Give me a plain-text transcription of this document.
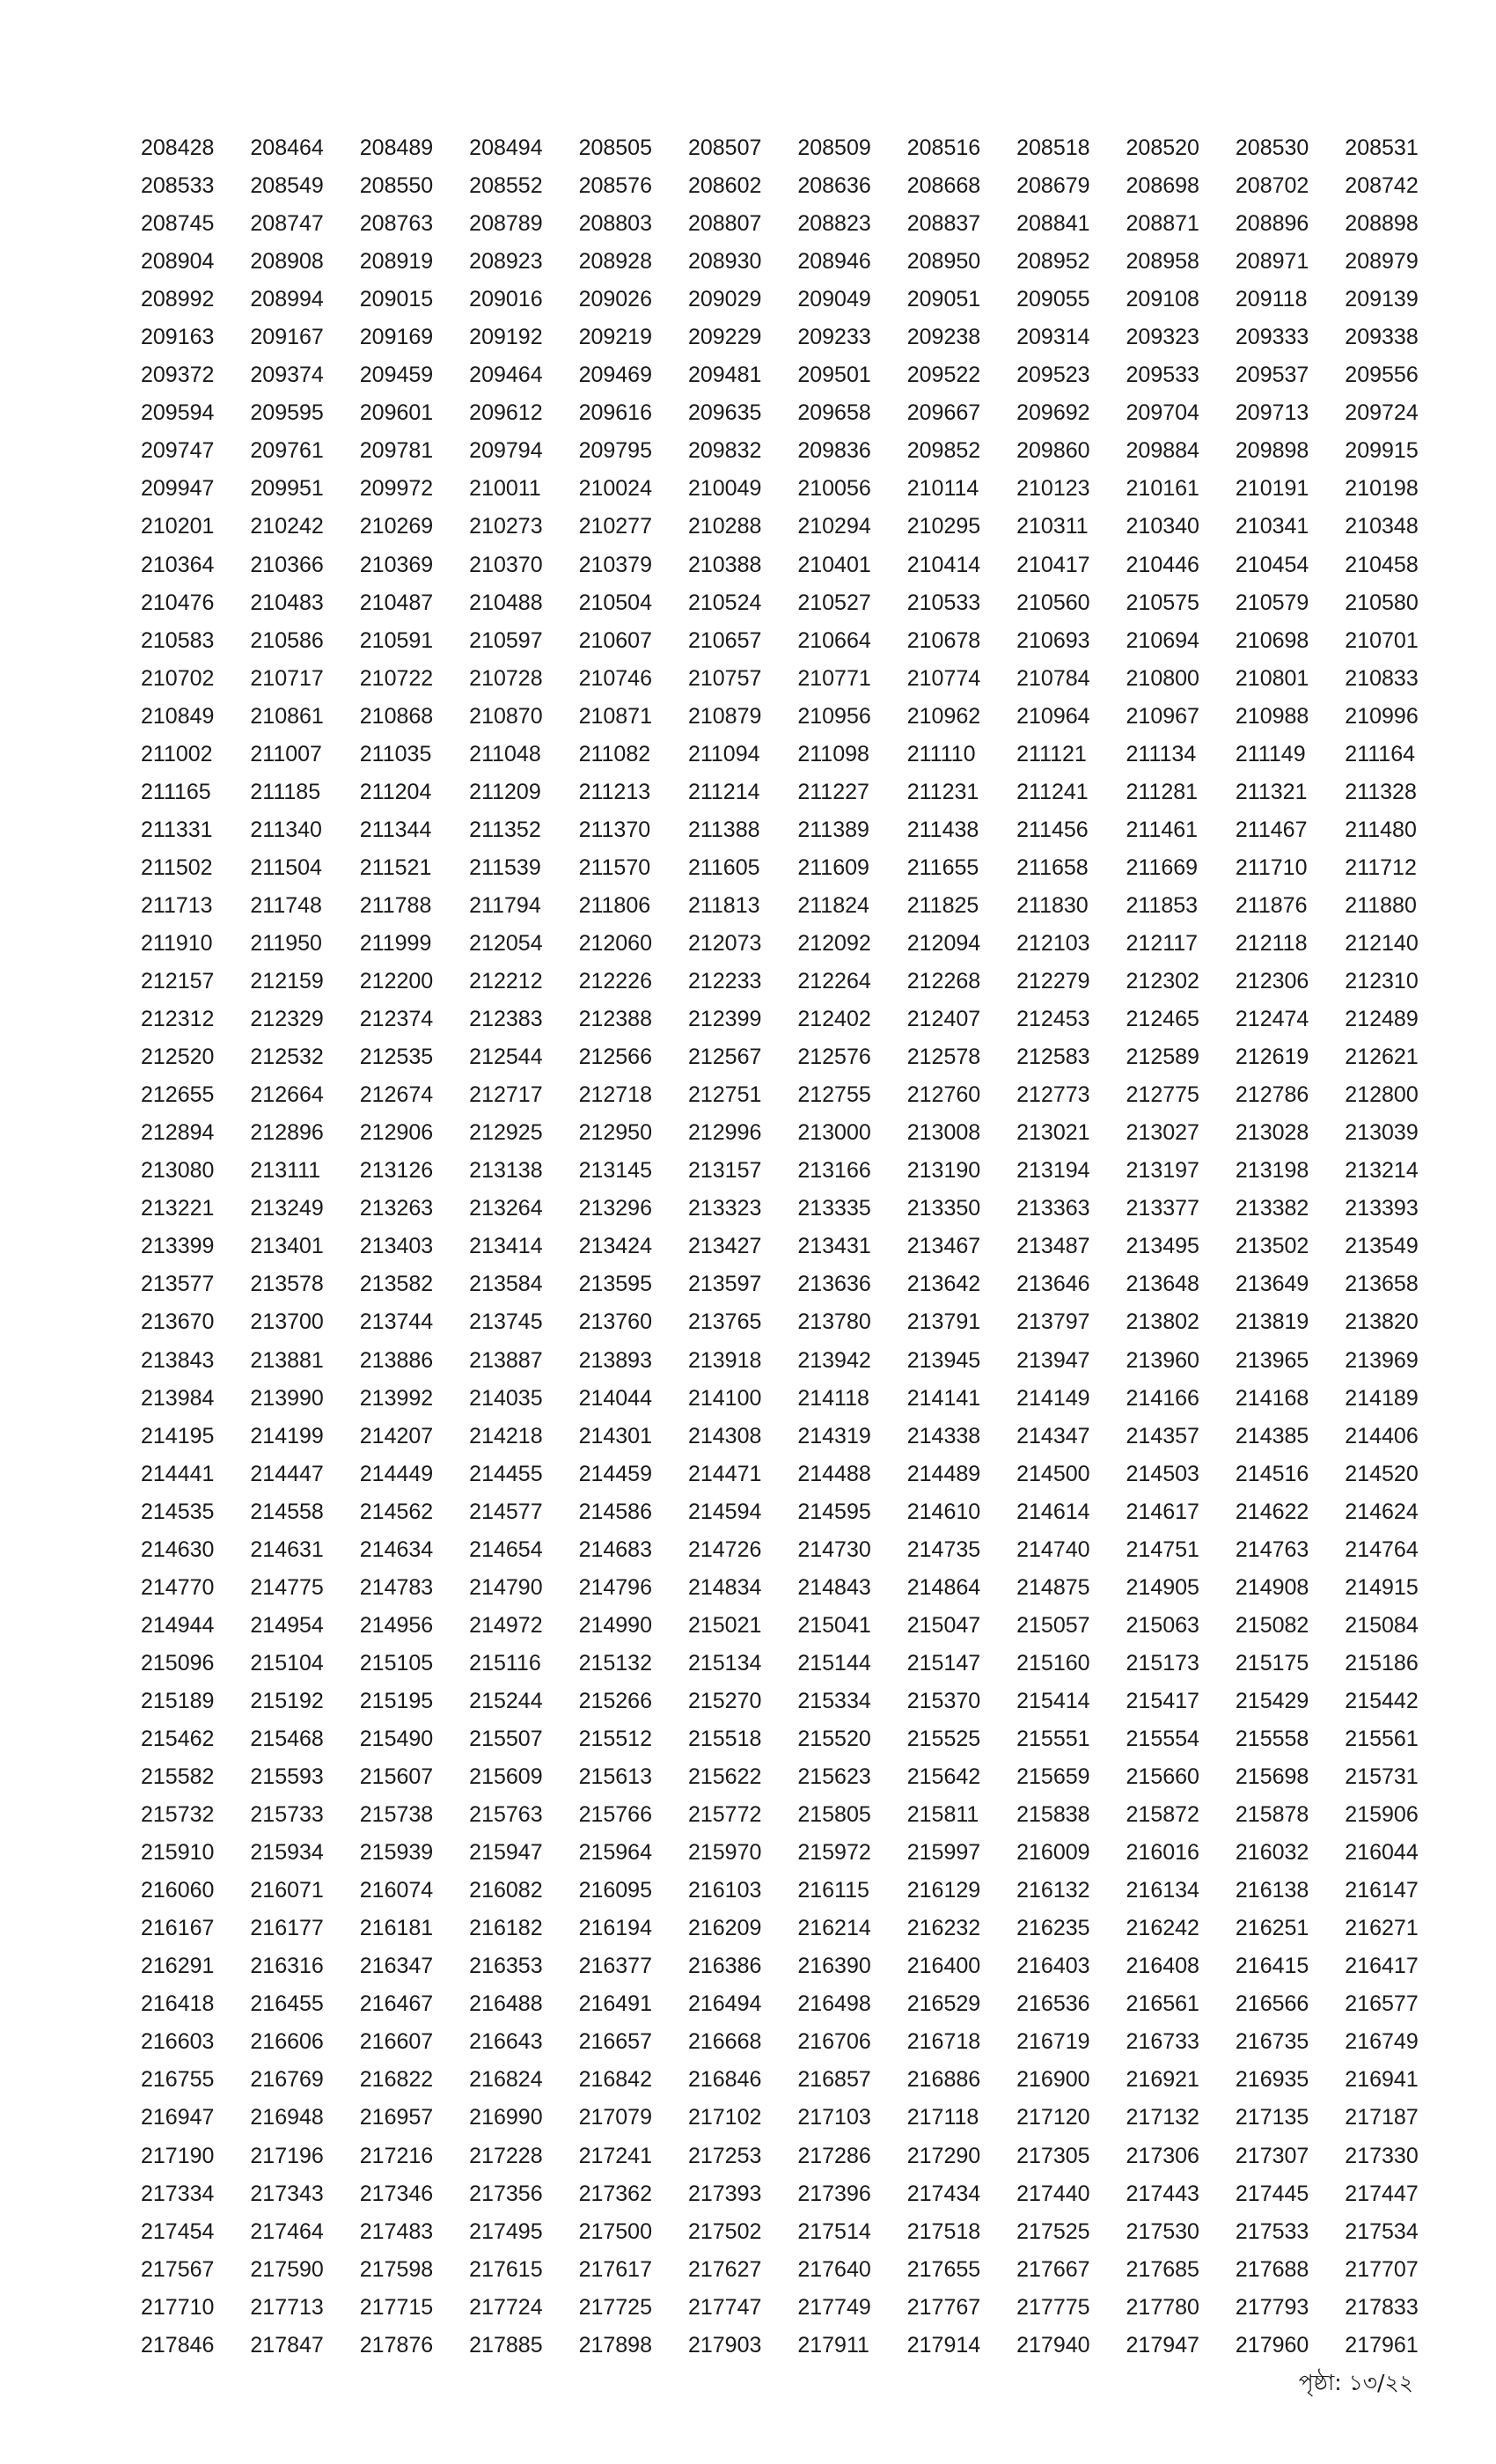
208428	208464	208489	208494	208505	208507	208509	208516	208518	208520	208530	208531
208533	208549	208550	208552	208576	208602	208636	208668	208679	208698	208702	208742
208745	208747	208763	208789	208803	208807	208823	208837	208841	208871	208896	208898
208904	208908	208919	208923	208928	208930	208946	208950	208952	208958	208971	208979
208992	208994	209015	209016	209026	209029	209049	209051	209055	209108	209118	209139
209163	209167	209169	209192	209219	209229	209233	209238	209314	209323	209333	209338
209372	209374	209459	209464	209469	209481	209501	209522	209523	209533	209537	209556
209594	209595	209601	209612	209616	209635	209658	209667	209692	209704	209713	209724
209747	209761	209781	209794	209795	209832	209836	209852	209860	209884	209898	209915
209947	209951	209972	210011	210024	210049	210056	210114	210123	210161	210191	210198
210201	210242	210269	210273	210277	210288	210294	210295	210311	210340	210341	210348
210364	210366	210369	210370	210379	210388	210401	210414	210417	210446	210454	210458
210476	210483	210487	210488	210504	210524	210527	210533	210560	210575	210579	210580
210583	210586	210591	210597	210607	210657	210664	210678	210693	210694	210698	210701
210702	210717	210722	210728	210746	210757	210771	210774	210784	210800	210801	210833
210849	210861	210868	210870	210871	210879	210956	210962	210964	210967	210988	210996
211002	211007	211035	211048	211082	211094	211098	211110	211121	211134	211149	211164
211165	211185	211204	211209	211213	211214	211227	211231	211241	211281	211321	211328
211331	211340	211344	211352	211370	211388	211389	211438	211456	211461	211467	211480
211502	211504	211521	211539	211570	211605	211609	211655	211658	211669	211710	211712
211713	211748	211788	211794	211806	211813	211824	211825	211830	211853	211876	211880
211910	211950	211999	212054	212060	212073	212092	212094	212103	212117	212118	212140
212157	212159	212200	212212	212226	212233	212264	212268	212279	212302	212306	212310
212312	212329	212374	212383	212388	212399	212402	212407	212453	212465	212474	212489
212520	212532	212535	212544	212566	212567	212576	212578	212583	212589	212619	212621
212655	212664	212674	212717	212718	212751	212755	212760	212773	212775	212786	212800
212894	212896	212906	212925	212950	212996	213000	213008	213021	213027	213028	213039
213080	213111	213126	213138	213145	213157	213166	213190	213194	213197	213198	213214
213221	213249	213263	213264	213296	213323	213335	213350	213363	213377	213382	213393
213399	213401	213403	213414	213424	213427	213431	213467	213487	213495	213502	213549
213577	213578	213582	213584	213595	213597	213636	213642	213646	213648	213649	213658
213670	213700	213744	213745	213760	213765	213780	213791	213797	213802	213819	213820
213843	213881	213886	213887	213893	213918	213942	213945	213947	213960	213965	213969
213984	213990	213992	214035	214044	214100	214118	214141	214149	214166	214168	214189
214195	214199	214207	214218	214301	214308	214319	214338	214347	214357	214385	214406
214441	214447	214449	214455	214459	214471	214488	214489	214500	214503	214516	214520
214535	214558	214562	214577	214586	214594	214595	214610	214614	214617	214622	214624
214630	214631	214634	214654	214683	214726	214730	214735	214740	214751	214763	214764
214770	214775	214783	214790	214796	214834	214843	214864	214875	214905	214908	214915
214944	214954	214956	214972	214990	215021	215041	215047	215057	215063	215082	215084
215096	215104	215105	215116	215132	215134	215144	215147	215160	215173	215175	215186
215189	215192	215195	215244	215266	215270	215334	215370	215414	215417	215429	215442
215462	215468	215490	215507	215512	215518	215520	215525	215551	215554	215558	215561
215582	215593	215607	215609	215613	215622	215623	215642	215659	215660	215698	215731
215732	215733	215738	215763	215766	215772	215805	215811	215838	215872	215878	215906
215910	215934	215939	215947	215964	215970	215972	215997	216009	216016	216032	216044
216060	216071	216074	216082	216095	216103	216115	216129	216132	216134	216138	216147
216167	216177	216181	216182	216194	216209	216214	216232	216235	216242	216251	216271
216291	216316	216347	216353	216377	216386	216390	216400	216403	216408	216415	216417
216418	216455	216467	216488	216491	216494	216498	216529	216536	216561	216566	216577
216603	216606	216607	216643	216657	216668	216706	216718	216719	216733	216735	216749
216755	216769	216822	216824	216842	216846	216857	216886	216900	216921	216935	216941
216947	216948	216957	216990	217079	217102	217103	217118	217120	217132	217135	217187
217190	217196	217216	217228	217241	217253	217286	217290	217305	217306	217307	217330
217334	217343	217346	217356	217362	217393	217396	217434	217440	217443	217445	217447
217454	217464	217483	217495	217500	217502	217514	217518	217525	217530	217533	217534
217567	217590	217598	217615	217617	217627	217640	217655	217667	217685	217688	217707
217710	217713	217715	217724	217725	217747	217749	217767	217775	217780	217793	217833
217846	217847	217876	217885	217898	217903	217911	217914	217940	217947	217960	217961
পৃষ্ঠা: ১৩/২২
